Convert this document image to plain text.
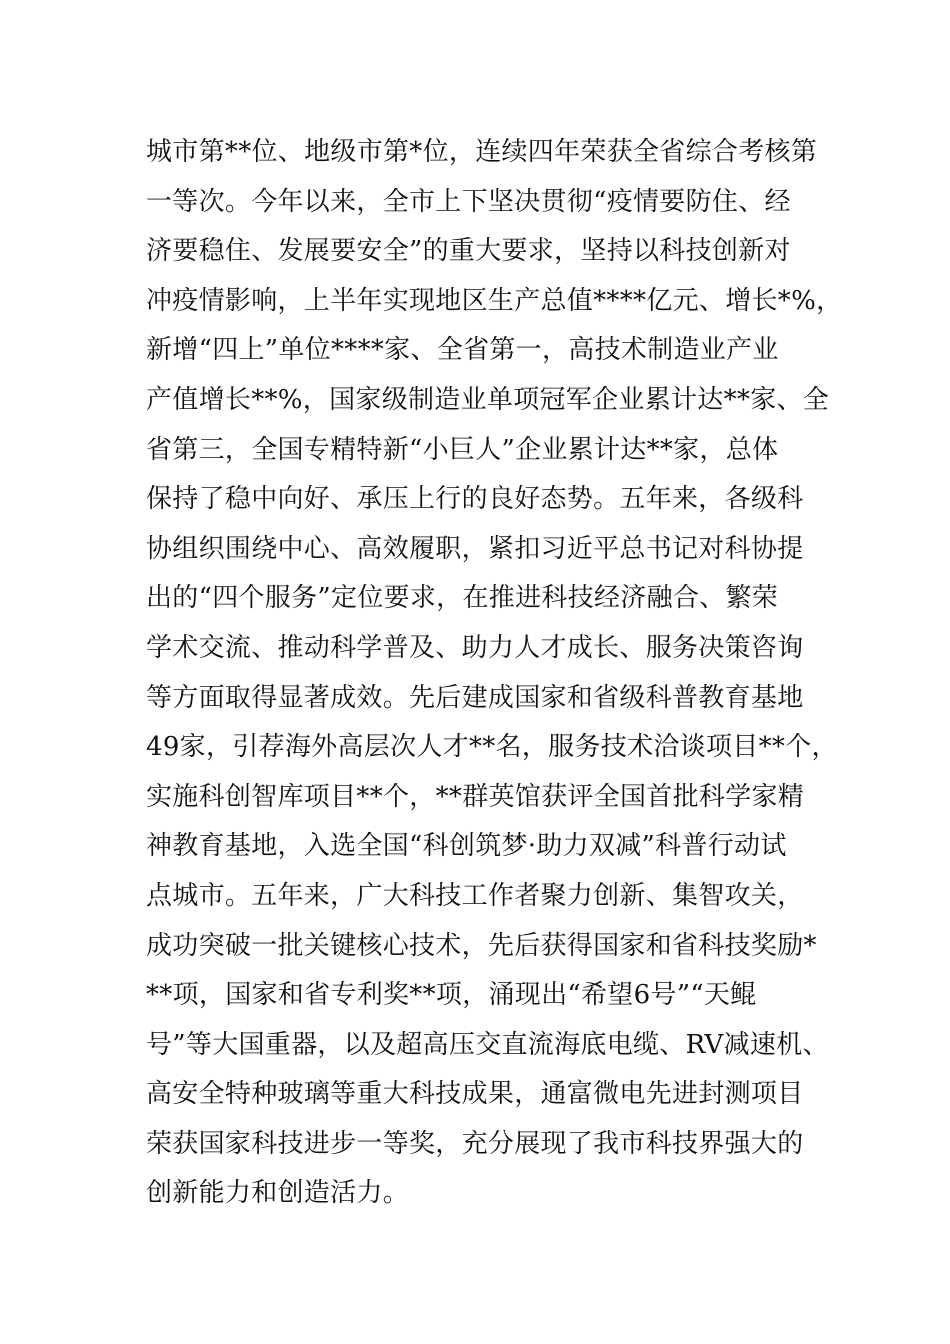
城市第**位、地级市第*位，连续四年荣获全省综合考核第
一等次。今年以来，全市上下坚决贯彻“疫情要防住、经
济要稳住、发展要安全”的重大要求，坚持以科技创新对
冲疫情影响，上半年实现地区生产总值****亿元、增长*%，
新增“四上”单位****家、全省第一，高技术制造业产业
产值增长**%，国家级制造业单项冠军企业累计达**家、全
省第三，全国专精特新“小巨人”企业累计达**家，总体
保持了稳中向好、承压上行的良好态势。五年来，各级科
协组织围绕中心、高效履职，紧扣习近平总书记对科协提
出的“四个服务”定位要求，在推进科技经济融合、繁荣
学术交流、推动科学普及、助力人才成长、服务决策咨询
等方面取得显著成效。先后建成国家和省级科普教育基地
49家，引荐海外高层次人才**名，服务技术洽谈项目**个，
实施科创智库项目**个，**群英馆获评全国首批科学家精
神教育基地，入选全国“科创筑梦·助力双减”科普行动试
点城市。五年来，广大科技工作者聚力创新、集智攻关，
成功突破一批关键核心技术，先后获得国家和省科技奖励*
**项，国家和省专利奖**项，涌现出“希望6号”“天鲲
号”等大国重器，以及超高压交直流海底电缆、RV减速机、
高安全特种玻璃等重大科技成果，通富微电先进封测项目
荣获国家科技进步一等奖，充分展现了我市科技界强大的
创新能力和创造活力。
